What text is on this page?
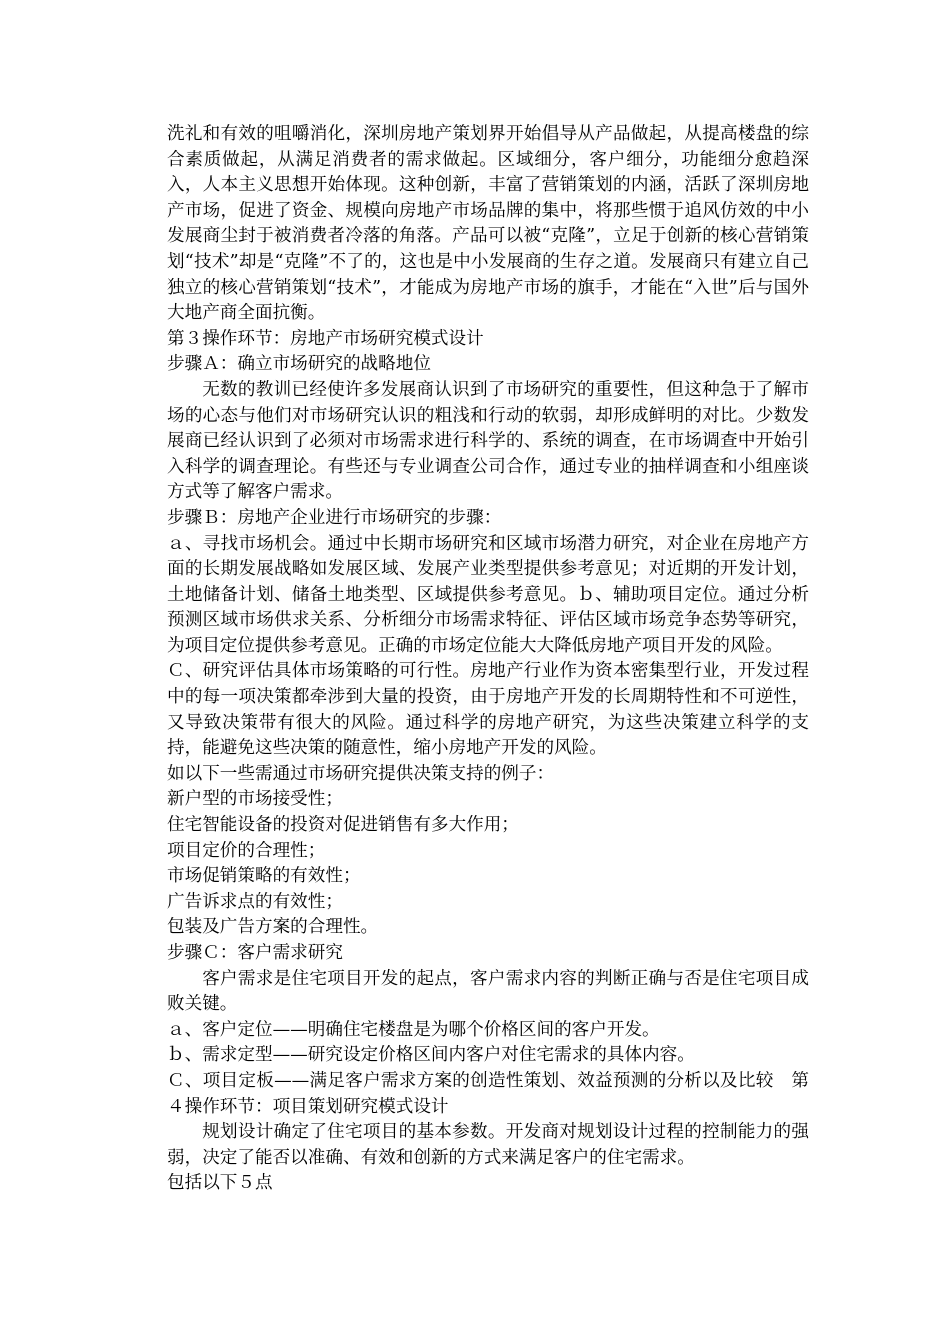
洗礼和有效的咀嚼消化，深圳房地产策划界开始倡导从产品做起，从提高楼盘的综合素质做起，从满足消费者的需求做起。区域细分，客户细分，功能细分愈趋深入，人本主义思想开始体现。这种创新，丰富了营销策划的内涵，活跃了深圳房地产市场，促进了资金、规模向房地产市场品牌的集中，将那些惯于追风仿效的中小发展商尘封于被消费者冷落的角落。产品可以被“克隆”，立足于创新的核心营销策划“技术”却是“克隆”不了的，这也是中小发展商的生存之道。发展商只有建立自己独立的核心营销策划“技术”，才能成为房地产市场的旗手，才能在“入世”后与国外大地产商全面抗衡。

第３操作环节：房地产市场研究模式设计

步骤Ａ：确立市场研究的战略地位

无数的教训已经使许多发展商认识到了市场研究的重要性，但这种急于了解市场的心态与他们对市场研究认识的粗浅和行动的软弱，却形成鲜明的对比。少数发展商已经认识到了必须对市场需求进行科学的、系统的调查，在市场调查中开始引入科学的调查理论。有些还与专业调查公司合作，通过专业的抽样调查和小组座谈方式等了解客户需求。

步骤Ｂ：房地产企业进行市场研究的步骤：

ａ、寻找市场机会。通过中长期市场研究和区域市场潜力研究，对企业在房地产方面的长期发展战略如发展区域、发展产业类型提供参考意见；对近期的开发计划，土地储备计划、储备土地类型、区域提供参考意见。ｂ、辅助项目定位。通过分析预测区域市场供求关系、分析细分市场需求特征、评估区域市场竞争态势等研究，为项目定位提供参考意见。正确的市场定位能大大降低房地产项目开发的风险。

Ｃ、研究评估具体市场策略的可行性。房地产行业作为资本密集型行业，开发过程中的每一项决策都牵涉到大量的投资，由于房地产开发的长周期特性和不可逆性，又导致决策带有很大的风险。通过科学的房地产研究，为这些决策建立科学的支持，能避免这些决策的随意性，缩小房地产开发的风险。

如以下一些需通过市场研究提供决策支持的例子：

新户型的市场接受性；

住宅智能设备的投资对促进销售有多大作用；

项目定价的合理性；

市场促销策略的有效性；

广告诉求点的有效性；

包装及广告方案的合理性。

步骤Ｃ：客户需求研究

客户需求是住宅项目开发的起点，客户需求内容的判断正确与否是住宅项目成败关键。

ａ、客户定位——明确住宅楼盘是为哪个价格区间的客户开发。

ｂ、需求定型——研究设定价格区间内客户对住宅需求的具体内容。

Ｃ、项目定板——满足客户需求方案的创造性策划、效益预测的分析以及比较　第４操作环节：项目策划研究模式设计

规划设计确定了住宅项目的基本参数。开发商对规划设计过程的控制能力的强弱，决定了能否以准确、有效和创新的方式来满足客户的住宅需求。

包括以下５点
